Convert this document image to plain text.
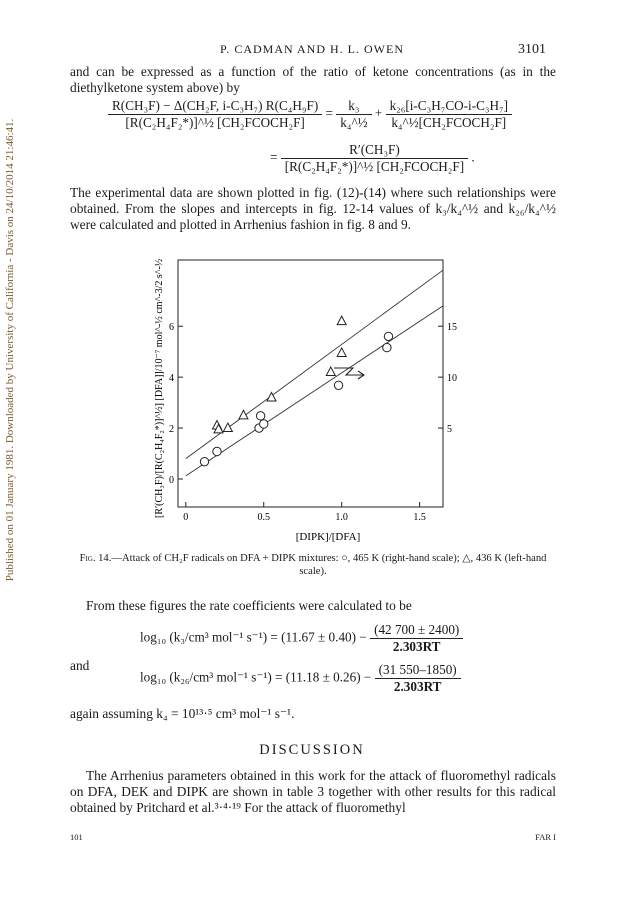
Published on 01 January 1981. Downloaded by University of California - Davis on 24/10/2014 21:46:41.
P. CADMAN AND H. L. OWEN	3101
and can be expressed as a function of the ratio of ketone concentrations (as in the diethylketone system above) by
$\frac{\text{R(CH₃F) − Δ(CH₂F, i-C₃H₇) R(C₄H₉F)}}{\text{[R(C₂H₄F₂*)]\textasciicircum{}½ [CH₂FCOCH₂F]}} = \frac{\text{k₃}}{\text{k₄\textasciicircum{}½}} + \frac{\text{k₂₆[i-C₃H₇CO-i-C₃H₇]}}{\text{k₄\textasciicircum{}½[CH₂FCOCH₂F]}}$
= $\frac{\text{R′(CH₃F)}}{\text{[R(C₂H₄F₂*)]\textasciicircum{}½ [CH₂FCOCH₂F]}}$ .
The experimental data are shown plotted in fig. (12)-(14) where such relationships were obtained. From the slopes and intercepts in fig. 12-14 values of k₃/k₄^½ and k₂₆/k₄^½ were calculated and plotted in Arrhenius fashion in fig. 8 and 9.
0	0.5	1.0	1.5
0
2
4
6
5
10
15
[R′(CH₃F)/[R(C₂H₄F₂*)]^½] [DFA]]/10⁻⁷ mol^-½ cm^-3/2 s^-½
[DIPK]/[DFA]
Fig. 14.—Attack of CH₂F radicals on DFA + DIPK mixtures: ○, 465 K (right-hand scale); △, 436 K (left-hand scale).
From these figures the rate coefficients were calculated to be
log₁₀ (k₃/cm³ mol⁻¹ $s^{-1}) = (11.67 \pm 0.40) - \frac{(42 700 \pm 2400)}{2.303RT}$
and
log₁₀ (k₂₆/cm³ mol⁻¹ $s^{-1}) = (11.18 \pm 0.26) - \frac{(31 550-1850)}{2.303RT}$
again assuming k₄ = 10¹³·⁵ cm³ mol⁻¹ s⁻¹.
DISCUSSION
The Arrhenius parameters obtained in this work for the attack of fluoromethyl radicals on DFA, DEK and DIPK are shown in table 3 together with other results for this radical obtained by Pritchard et al.³·⁴·¹⁹ For the attack of fluoromethyl
101	FAR I
